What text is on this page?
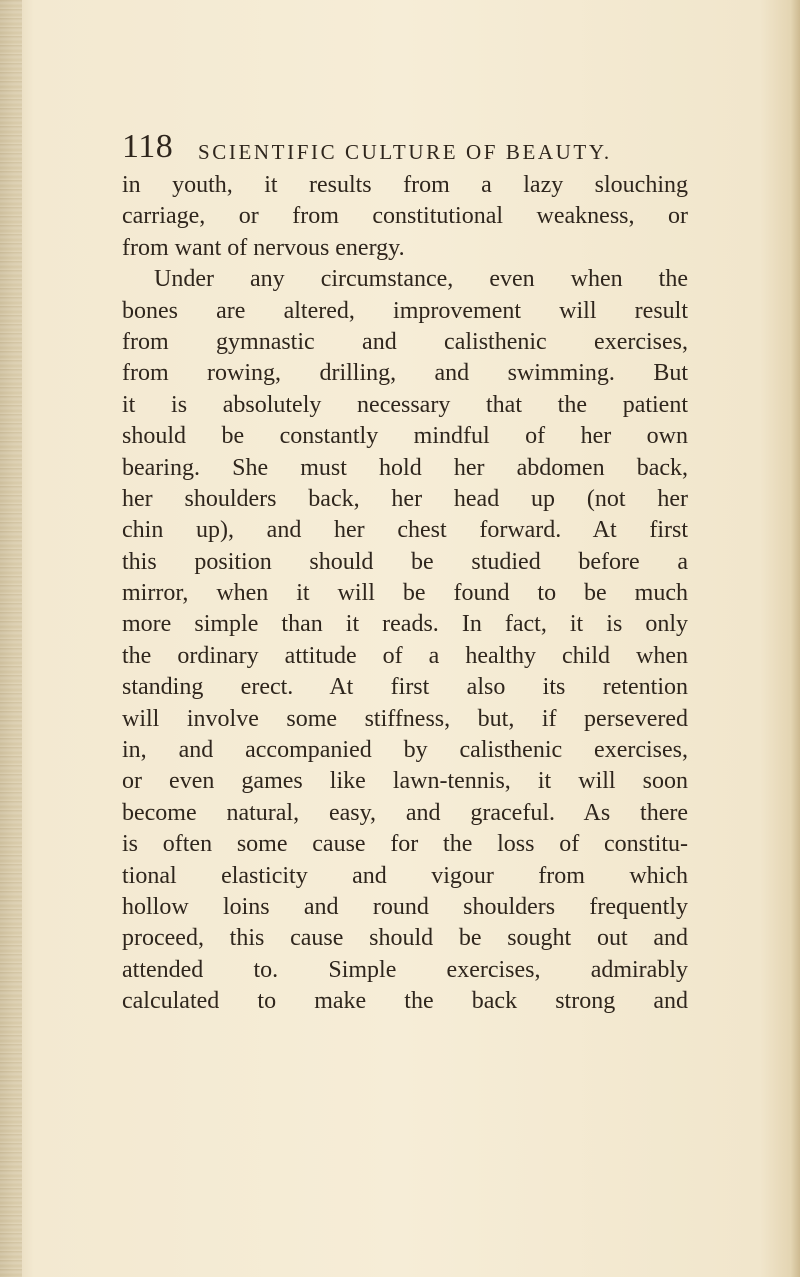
118 SCIENTIFIC CULTURE OF BEAUTY.
in youth, it results from a lazy slouching
carriage, or from constitutional weakness, or
from want of nervous energy.
Under any circumstance, even when the
bones are altered, improvement will result
from gymnastic and calisthenic exercises,
from rowing, drilling, and swimming. But
it is absolutely necessary that the patient
should be constantly mindful of her own
bearing. She must hold her abdomen back,
her shoulders back, her head up (not her
chin up), and her chest forward. At first
this position should be studied before a
mirror, when it will be found to be much
more simple than it reads. In fact, it is only
the ordinary attitude of a healthy child when
standing erect. At first also its retention
will involve some stiffness, but, if persevered
in, and accompanied by calisthenic exercises,
or even games like lawn-tennis, it will soon
become natural, easy, and graceful. As there
is often some cause for the loss of constitu-
tional elasticity and vigour from which
hollow loins and round shoulders frequently
proceed, this cause should be sought out and
attended to. Simple exercises, admirably
calculated to make the back strong and
